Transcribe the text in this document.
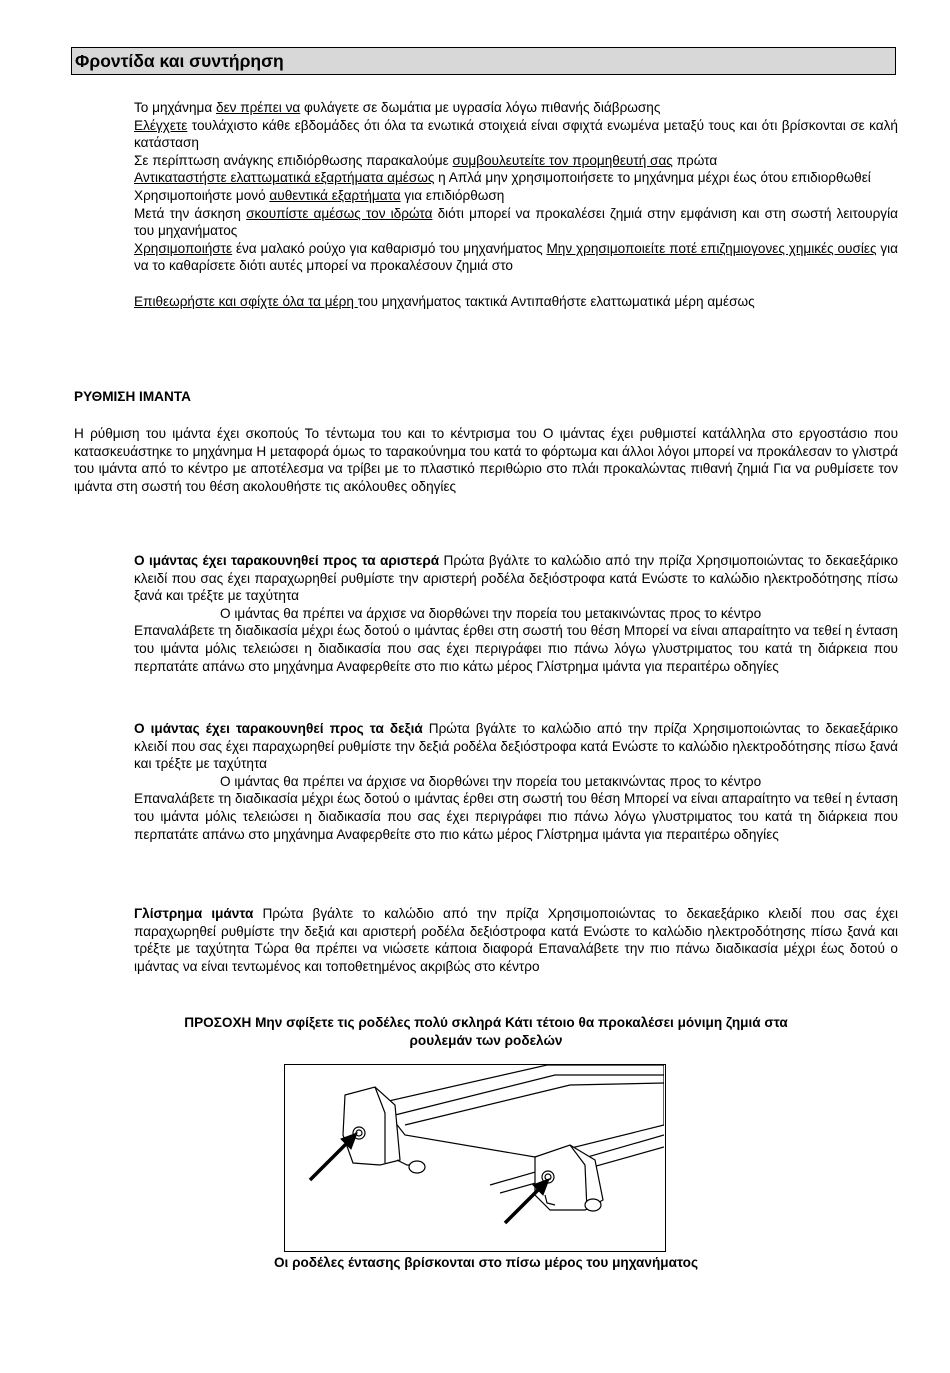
Φροντίδα και συντήρηση

Το μηχάνημα δεν πρέπει να φυλάγετε σε δωμάτια με υγρασία λόγω πιθανής διάβρωσης

Ελέγχετε τουλάχιστο κάθε εβδομάδες ότι όλα τα ενωτικά στοιχειά είναι σφιχτά ενωμένα μεταξύ τους και ότι βρίσκονται σε καλή κατάσταση

Σε περίπτωση ανάγκης επιδιόρθωσης παρακαλούμε συμβουλευτείτε τον προμηθευτή σας πρώτα

Αντικαταστήστε ελαττωματικά εξαρτήματα αμέσως η Απλά μην χρησιμοποιήσετε το μηχάνημα μέχρι έως ότου επιδιορθωθεί

Χρησιμοποιήστε μονό αυθεντικά εξαρτήματα για επιδιόρθωση

Μετά την άσκηση σκουπίστε αμέσως τον ιδρώτα διότι μπορεί να προκαλέσει ζημιά στην εμφάνιση και στη σωστή λειτουργία του μηχανήματος

Χρησιμοποιήστε ένα μαλακό ρούχο για καθαρισμό του μηχανήματος Μην χρησιμοποιείτε ποτέ επιζημιογονες χημικές ουσίες για να το καθαρίσετε διότι αυτές μπορεί να προκαλέσουν ζημιά στο

Επιθεωρήστε και σφίχτε όλα τα μέρη του μηχανήματος τακτικά Αντιπαθήστε ελαττωματικά μέρη αμέσως

ΡΥΘΜΙΣΗ ΙΜΑΝΤΑ

Η ρύθμιση του ιμάντα έχει σκοπούς Το τέντωμα του και το κέντρισμα του Ο ιμάντας έχει ρυθμιστεί κατάλληλα στο εργοστάσιο που κατασκευάστηκε το μηχάνημα Η μεταφορά όμως το ταρακούνημα του κατά το φόρτωμα και άλλοι λόγοι μπορεί να προκάλεσαν το γλιστρά του ιμάντα από το κέντρο με αποτέλεσμα να τρίβει με το πλαστικό περιθώριο στο πλάι προκαλώντας πιθανή ζημιά Για να ρυθμίσετε τον ιμάντα στη σωστή του θέση ακολουθήστε τις ακόλουθες οδηγίες

Ο ιμάντας έχει ταρακουνηθεί προς τα αριστερά Πρώτα βγάλτε το καλώδιο από την πρίζα Χρησιμοποιώντας το δεκαεξάρικο κλειδί που σας έχει παραχωρηθεί ρυθμίστε την αριστερή ροδέλα δεξιόστροφα κατά Ενώστε το καλώδιο ηλεκτροδότησης πίσω ξανά και τρέξτε με ταχύτητα
Ο ιμάντας θα πρέπει να άρχισε να διορθώνει την πορεία του μετακινώντας προς το κέντρο
Επαναλάβετε τη διαδικασία μέχρι έως δοτού ο ιμάντας έρθει στη σωστή του θέση Μπορεί να είναι απαραίτητο να τεθεί η ένταση του ιμάντα μόλις τελειώσει η διαδικασία που σας έχει περιγράφει πιο πάνω λόγω γλυστριματος του κατά τη διάρκεια που περπατάτε απάνω στο μηχάνημα Αναφερθείτε στο πιο κάτω μέρος Γλίστρημα ιμάντα για περαιτέρω οδηγίες
Ο ιμάντας έχει ταρακουνηθεί προς τα δεξιά Πρώτα βγάλτε το καλώδιο από την πρίζα Χρησιμοποιώντας το δεκαεξάρικο κλειδί που σας έχει παραχωρηθεί ρυθμίστε την δεξιά ροδέλα δεξιόστροφα κατά Ενώστε το καλώδιο ηλεκτροδότησης πίσω ξανά και τρέξτε με ταχύτητα
Ο ιμάντας θα πρέπει να άρχισε να διορθώνει την πορεία του μετακινώντας προς το κέντρο
Επαναλάβετε τη διαδικασία μέχρι έως δοτού ο ιμάντας έρθει στη σωστή του θέση Μπορεί να είναι απαραίτητο να τεθεί η ένταση του ιμάντα μόλις τελειώσει η διαδικασία που σας έχει περιγράφει πιο πάνω λόγω γλυστριματος του κατά τη διάρκεια που περπατάτε απάνω στο μηχάνημα Αναφερθείτε στο πιο κάτω μέρος Γλίστρημα ιμάντα για περαιτέρω οδηγίες
Γλίστρημα ιμάντα Πρώτα βγάλτε το καλώδιο από την πρίζα Χρησιμοποιώντας το δεκαεξάρικο κλειδί που σας έχει παραχωρηθεί ρυθμίστε την δεξιά και αριστερή ροδέλα δεξιόστροφα κατά Ενώστε το καλώδιο ηλεκτροδότησης πίσω ξανά και τρέξτε με ταχύτητα Τώρα θα πρέπει να νιώσετε κάποια διαφορά Επαναλάβετε την πιο πάνω διαδικασία μέχρι έως δοτού ο ιμάντας να είναι τεντωμένος και τοποθετημένος ακριβώς στο κέντρο
ΠΡΟΣΟΧΗ Μην σφίξετε τις ροδέλες πολύ σκληρά Κάτι τέτοιο θα προκαλέσει μόνιμη ζημιά στα
ρουλεμάν των ροδελών
Οι ροδέλες έντασης βρίσκονται στο πίσω μέρος του μηχανήματος
